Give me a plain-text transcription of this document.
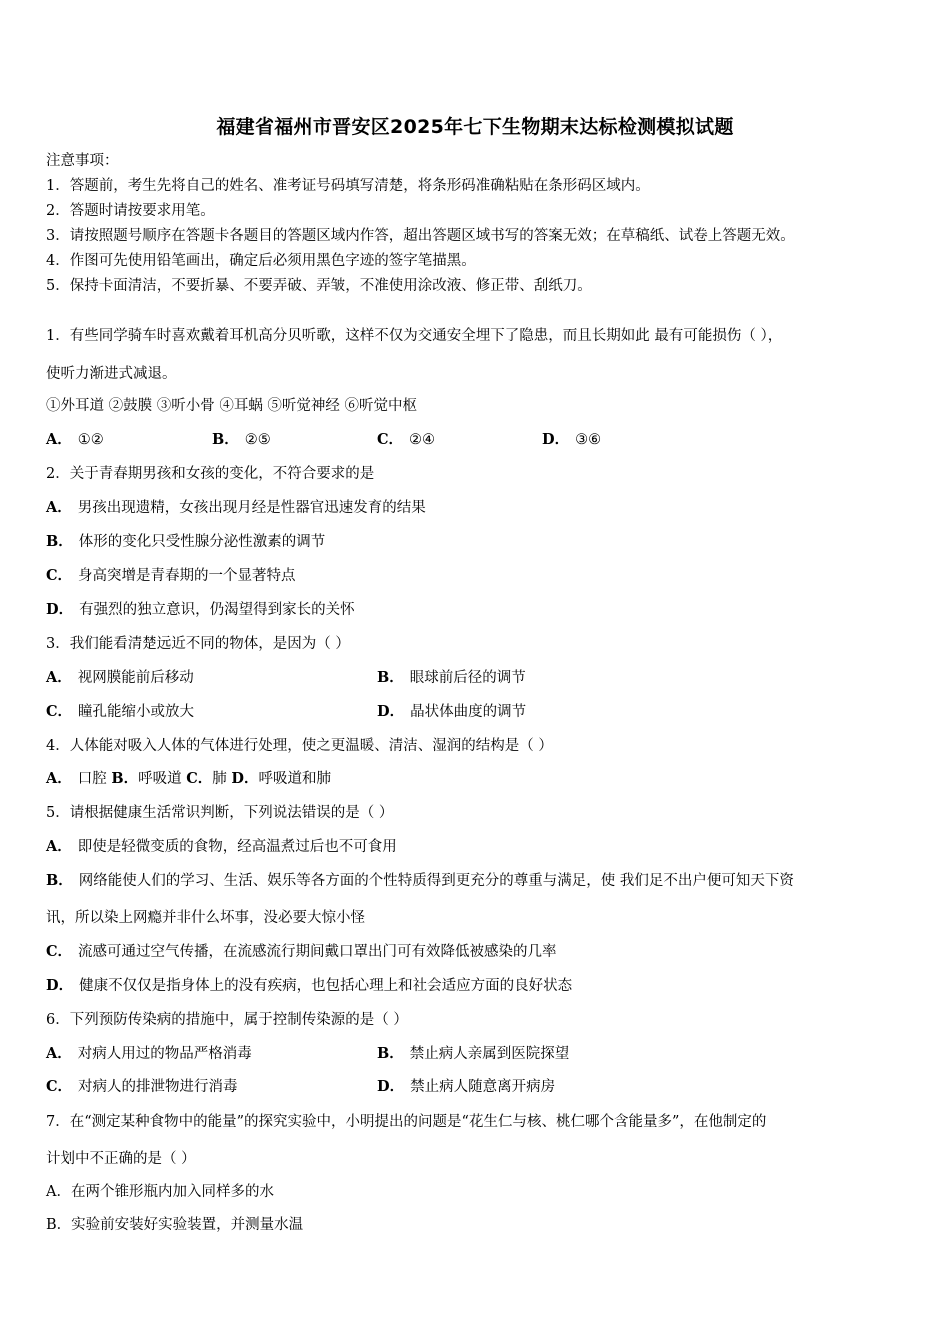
福建省福州市晋安区2025年七下生物期末达标检测模拟试题
注意事项：
1．答题前，考生先将自己的姓名、准考证号码填写清楚，将条形码准确粘贴在条形码区域内。
2．答题时请按要求用笔。
3．请按照题号顺序在答题卡各题目的答题区域内作答，超出答题区域书写的答案无效；在草稿纸、试卷上答题无效。
4．作图可先使用铅笔画出，确定后必须用黑色字迹的签字笔描黑。
5．保持卡面清洁，不要折暴、不要弄破、弄皱，不准使用涂改液、修正带、刮纸刀。
1．有些同学骑车时喜欢戴着耳机高分贝听歌，这样不仅为交通安全埋下了隐患，而且长期如此 最有可能损伤（ ），
使听力渐进式减退。
①外耳道 ②鼓膜 ③听小骨 ④耳蜗 ⑤听觉神经 ⑥听觉中枢
A． ①②	B． ②⑤	C． ②④	D． ③⑥
2．关于青春期男孩和女孩的变化，不符合要求的是
A． 男孩出现遗精，女孩出现月经是性器官迅速发育的结果
B． 体形的变化只受性腺分泌性激素的调节
C． 身高突增是青春期的一个显著特点
D． 有强烈的独立意识，仍渴望得到家长的关怀
3．我们能看清楚远近不同的物体，是因为（ ）
A． 视网膜能前后移动	B． 眼球前后径的调节
C． 瞳孔能缩小或放大	D． 晶状体曲度的调节
4．人体能对吸入人体的气体进行处理，使之更温暖、清洁、湿润的结构是（ ）
A． 口腔 B．呼吸道 C．肺 D．呼吸道和肺
5．请根据健康生活常识判断，下列说法错误的是（ ）
A． 即使是轻微变质的食物，经高温煮过后也不可食用
B． 网络能使人们的学习、生活、娱乐等各方面的个性特质得到更充分的尊重与满足，使 我们足不出户便可知天下资
讯，所以染上网瘾并非什么坏事，没必要大惊小怪
C． 流感可通过空气传播，在流感流行期间戴口罩出门可有效降低被感染的几率
D． 健康不仅仅是指身体上的没有疾病，也包括心理上和社会适应方面的良好状态
6．下列预防传染病的措施中，属于控制传染源的是（ ）
A． 对病人用过的物品严格消毒	B． 禁止病人亲属到医院探望
C． 对病人的排泄物进行消毒	D． 禁止病人随意离开病房
7．在“测定某种食物中的能量”的探究实验中，小明提出的问题是“花生仁与核、桃仁哪个含能量多”，在他制定的
计划中不正确的是（ ）
A．在两个锥形瓶内加入同样多的水
B．实验前安装好实验装置，并测量水温
